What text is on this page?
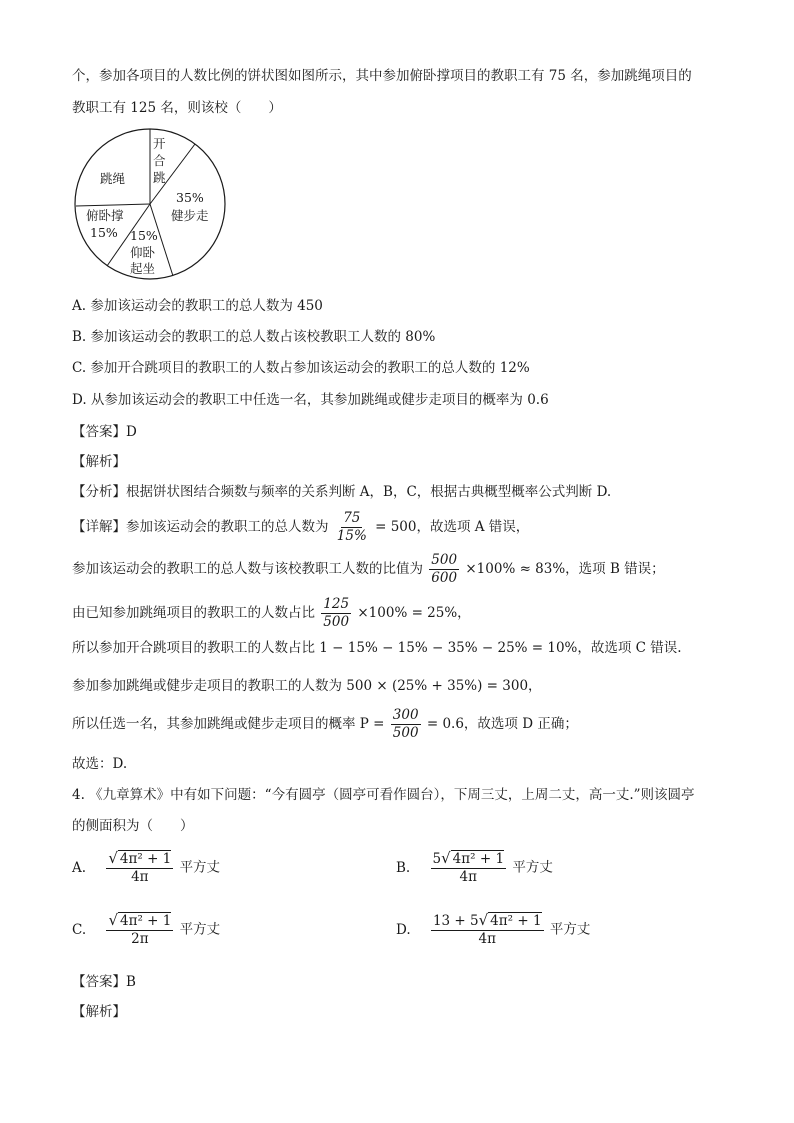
个，参加各项目的人数比例的饼状图如图所示，其中参加俯卧撑项目的教职工有 75 名，参加跳绳项目的
教职工有 125 名，则该校（　　）
跳绳
开
合
跳
35%
健步走
俯卧撑
15% 15%
仰卧
起坐
A. 参加该运动会的教职工的总人数为 450
B. 参加该运动会的教职工的总人数占该校教职工人数的 80%
C. 参加开合跳项目的教职工的人数占参加该运动会的教职工的总人数的 12%
D. 从参加该运动会的教职工中任选一名，其参加跳绳或健步走项目的概率为 0.6
【答案】D
【解析】
【分析】根据饼状图结合频数与频率的关系判断 A，B，C，根据古典概型概率公式判断 D.
【详解】参加该运动会的教职工的总人数为 $\frac{75}{15\%} = 500$，故选项 A 错误，
参加该运动会的教职工的总人数与该校教职工人数的比值为 $\frac{500}{600} \times 100\% \approx 83\%$，选项 B 错误；
由已知参加跳绳项目的教职工的人数占比 $\frac{125}{500} \times 100\% = 25\%$，
所以参加开合跳项目的教职工的人数占比 1 − 15% − 15% − 35% − 25% = 10%，故选项 C 错误.
参加参加跳绳或健步走项目的教职工的人数为 500 × (25% + 35%) = 300，
所以任选一名，其参加跳绳或健步走项目的概率 $P = \frac{300}{500} = 0.6$，故选项 D 正确；
故选：D.
4. 《九章算术》中有如下问题：“今有圆亭（圆亭可看作圆台），下周三丈，上周二丈，高一丈.”则该圆亭
的侧面积为（　　）
A. $\frac{\text{√ 4π² + 1}}{4\pi}$ 平方丈	B. $\frac{\text{5√ 4π² + 1}}{4\pi}$ 平方丈
C. $\frac{\text{√ 4π² + 1}}{2\pi}$ 平方丈	D. $\frac{\text{13 + 5√ 4π² + 1}}{4\pi}$ 平方丈
【答案】B
【解析】
